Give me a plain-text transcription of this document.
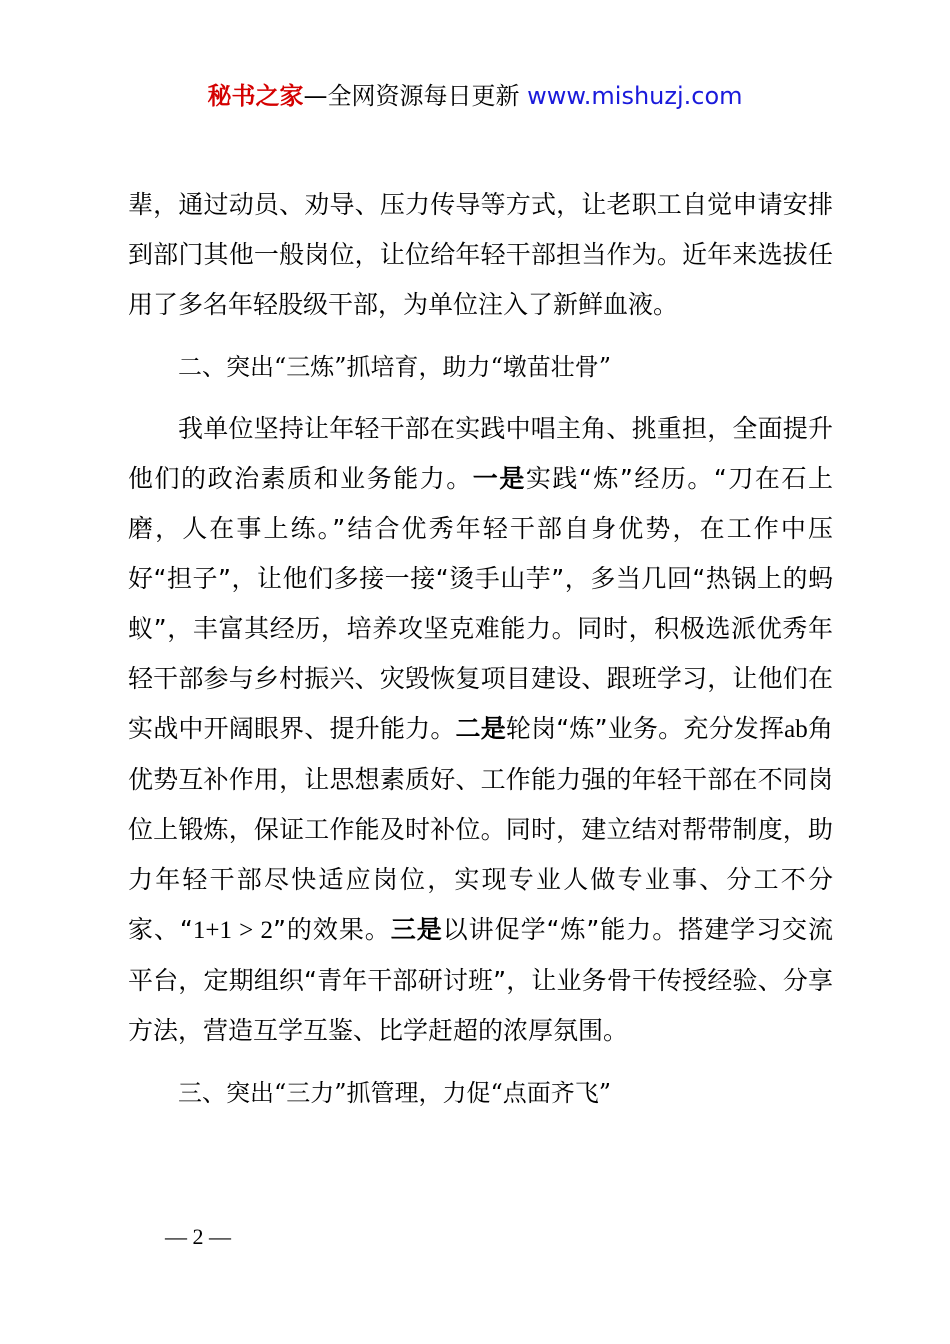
秘书之家—全网资源每日更新 www.mishuzj.com

辈，通过动员、劝导、压力传导等方式，让老职工自觉申请安排到部门其他一般岗位，让位给年轻干部担当作为。近年来选拔任用了多名年轻股级干部，为单位注入了新鲜血液。

二、突出“三炼”抓培育，助力“墩苗壮骨”

我单位坚持让年轻干部在实践中唱主角、挑重担，全面提升他们的政治素质和业务能力。一是实践“炼”经历。“刀在石上磨，人在事上练。”结合优秀年轻干部自身优势，在工作中压好“担子”，让他们多接一接“烫手山芋”，多当几回“热锅上的蚂蚁”，丰富其经历，培养攻坚克难能力。同时，积极选派优秀年轻干部参与乡村振兴、灾毁恢复项目建设、跟班学习，让他们在实战中开阔眼界、提升能力。二是轮岗“炼”业务。充分发挥ab角优势互补作用，让思想素质好、工作能力强的年轻干部在不同岗位上锻炼，保证工作能及时补位。同时，建立结对帮带制度，助力年轻干部尽快适应岗位，实现专业人做专业事、分工不分家、“1+1 > 2”的效果。三是以讲促学“炼”能力。搭建学习交流平台，定期组织“青年干部研讨班”，让业务骨干传授经验、分享方法，营造互学互鉴、比学赶超的浓厚氛围。

三、突出“三力”抓管理，力促“点面齐飞”

— 2 —
